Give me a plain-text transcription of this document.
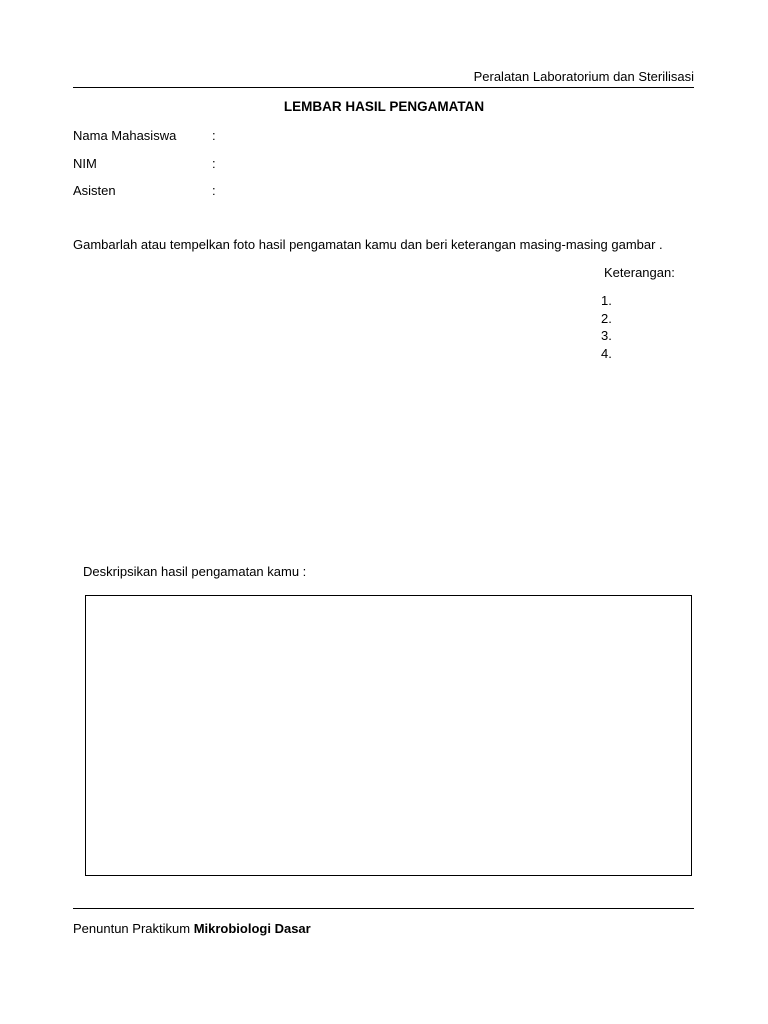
Peralatan Laboratorium dan Sterilisasi
LEMBAR HASIL PENGAMATAN
Nama Mahasiswa	:
NIM	:
Asisten	:
Gambarlah atau tempelkan foto hasil pengamatan kamu dan beri keterangan masing-masing gambar .
Keterangan:
1.
2.
3.
4.
Deskripsikan hasil pengamatan kamu :
Penuntun Praktikum Mikrobiologi Dasar
